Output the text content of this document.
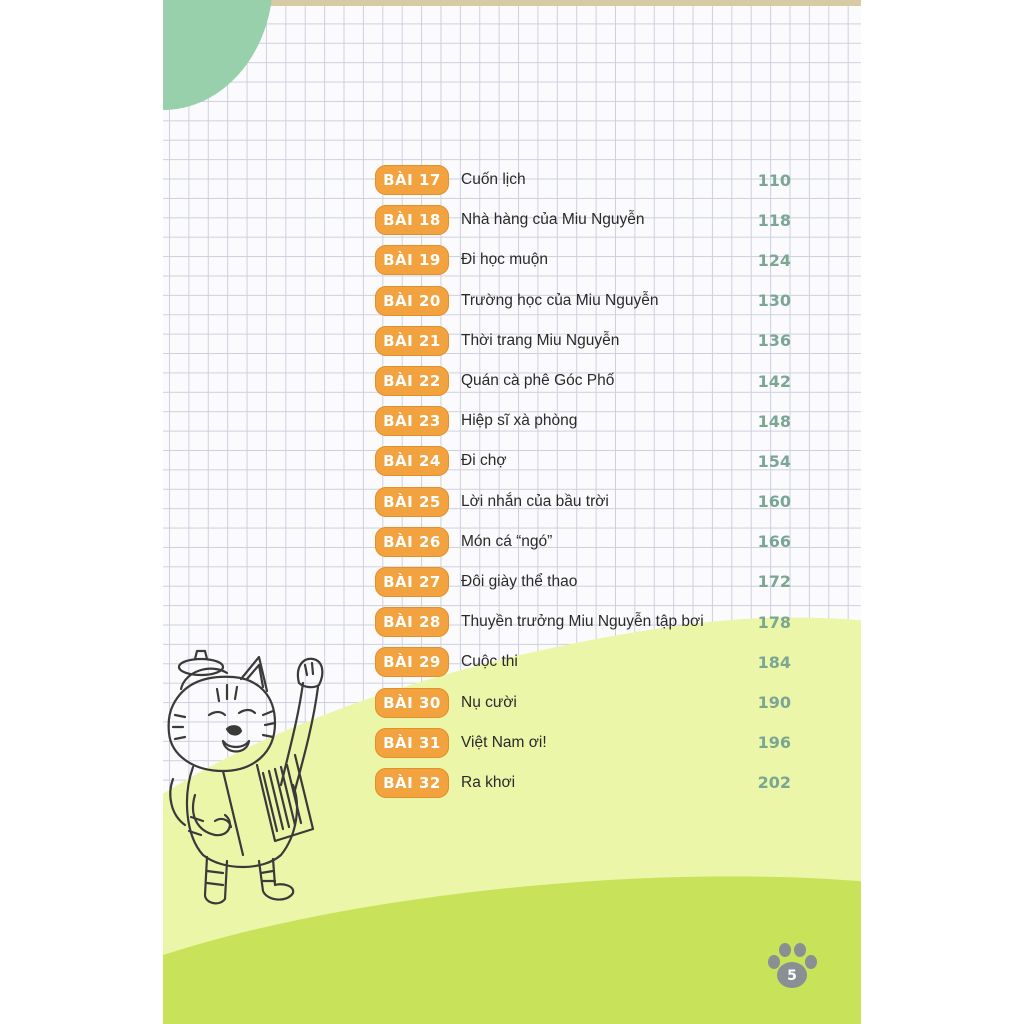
BÀI 17	Cuốn lịch	110
BÀI 18	Nhà hàng của Miu Nguyễn	118
BÀI 19	Đi học muộn	124
BÀI 20	Trường học của Miu Nguyễn	130
BÀI 21	Thời trang Miu Nguyễn	136
BÀI 22	Quán cà phê Góc Phố	142
BÀI 23	Hiệp sĩ xà phòng	148
BÀI 24	Đi chợ	154
BÀI 25	Lời nhắn của bầu trời	160
BÀI 26	Món cá “ngó”	166
BÀI 27	Đôi giày thể thao	172
BÀI 28	Thuyền trưởng Miu Nguyễn tập bơi	178
BÀI 29	Cuộc thi	184
BÀI 30	Nụ cười	190
BÀI 31	Việt Nam ơi!	196
BÀI 32	Ra khơi	202
5
